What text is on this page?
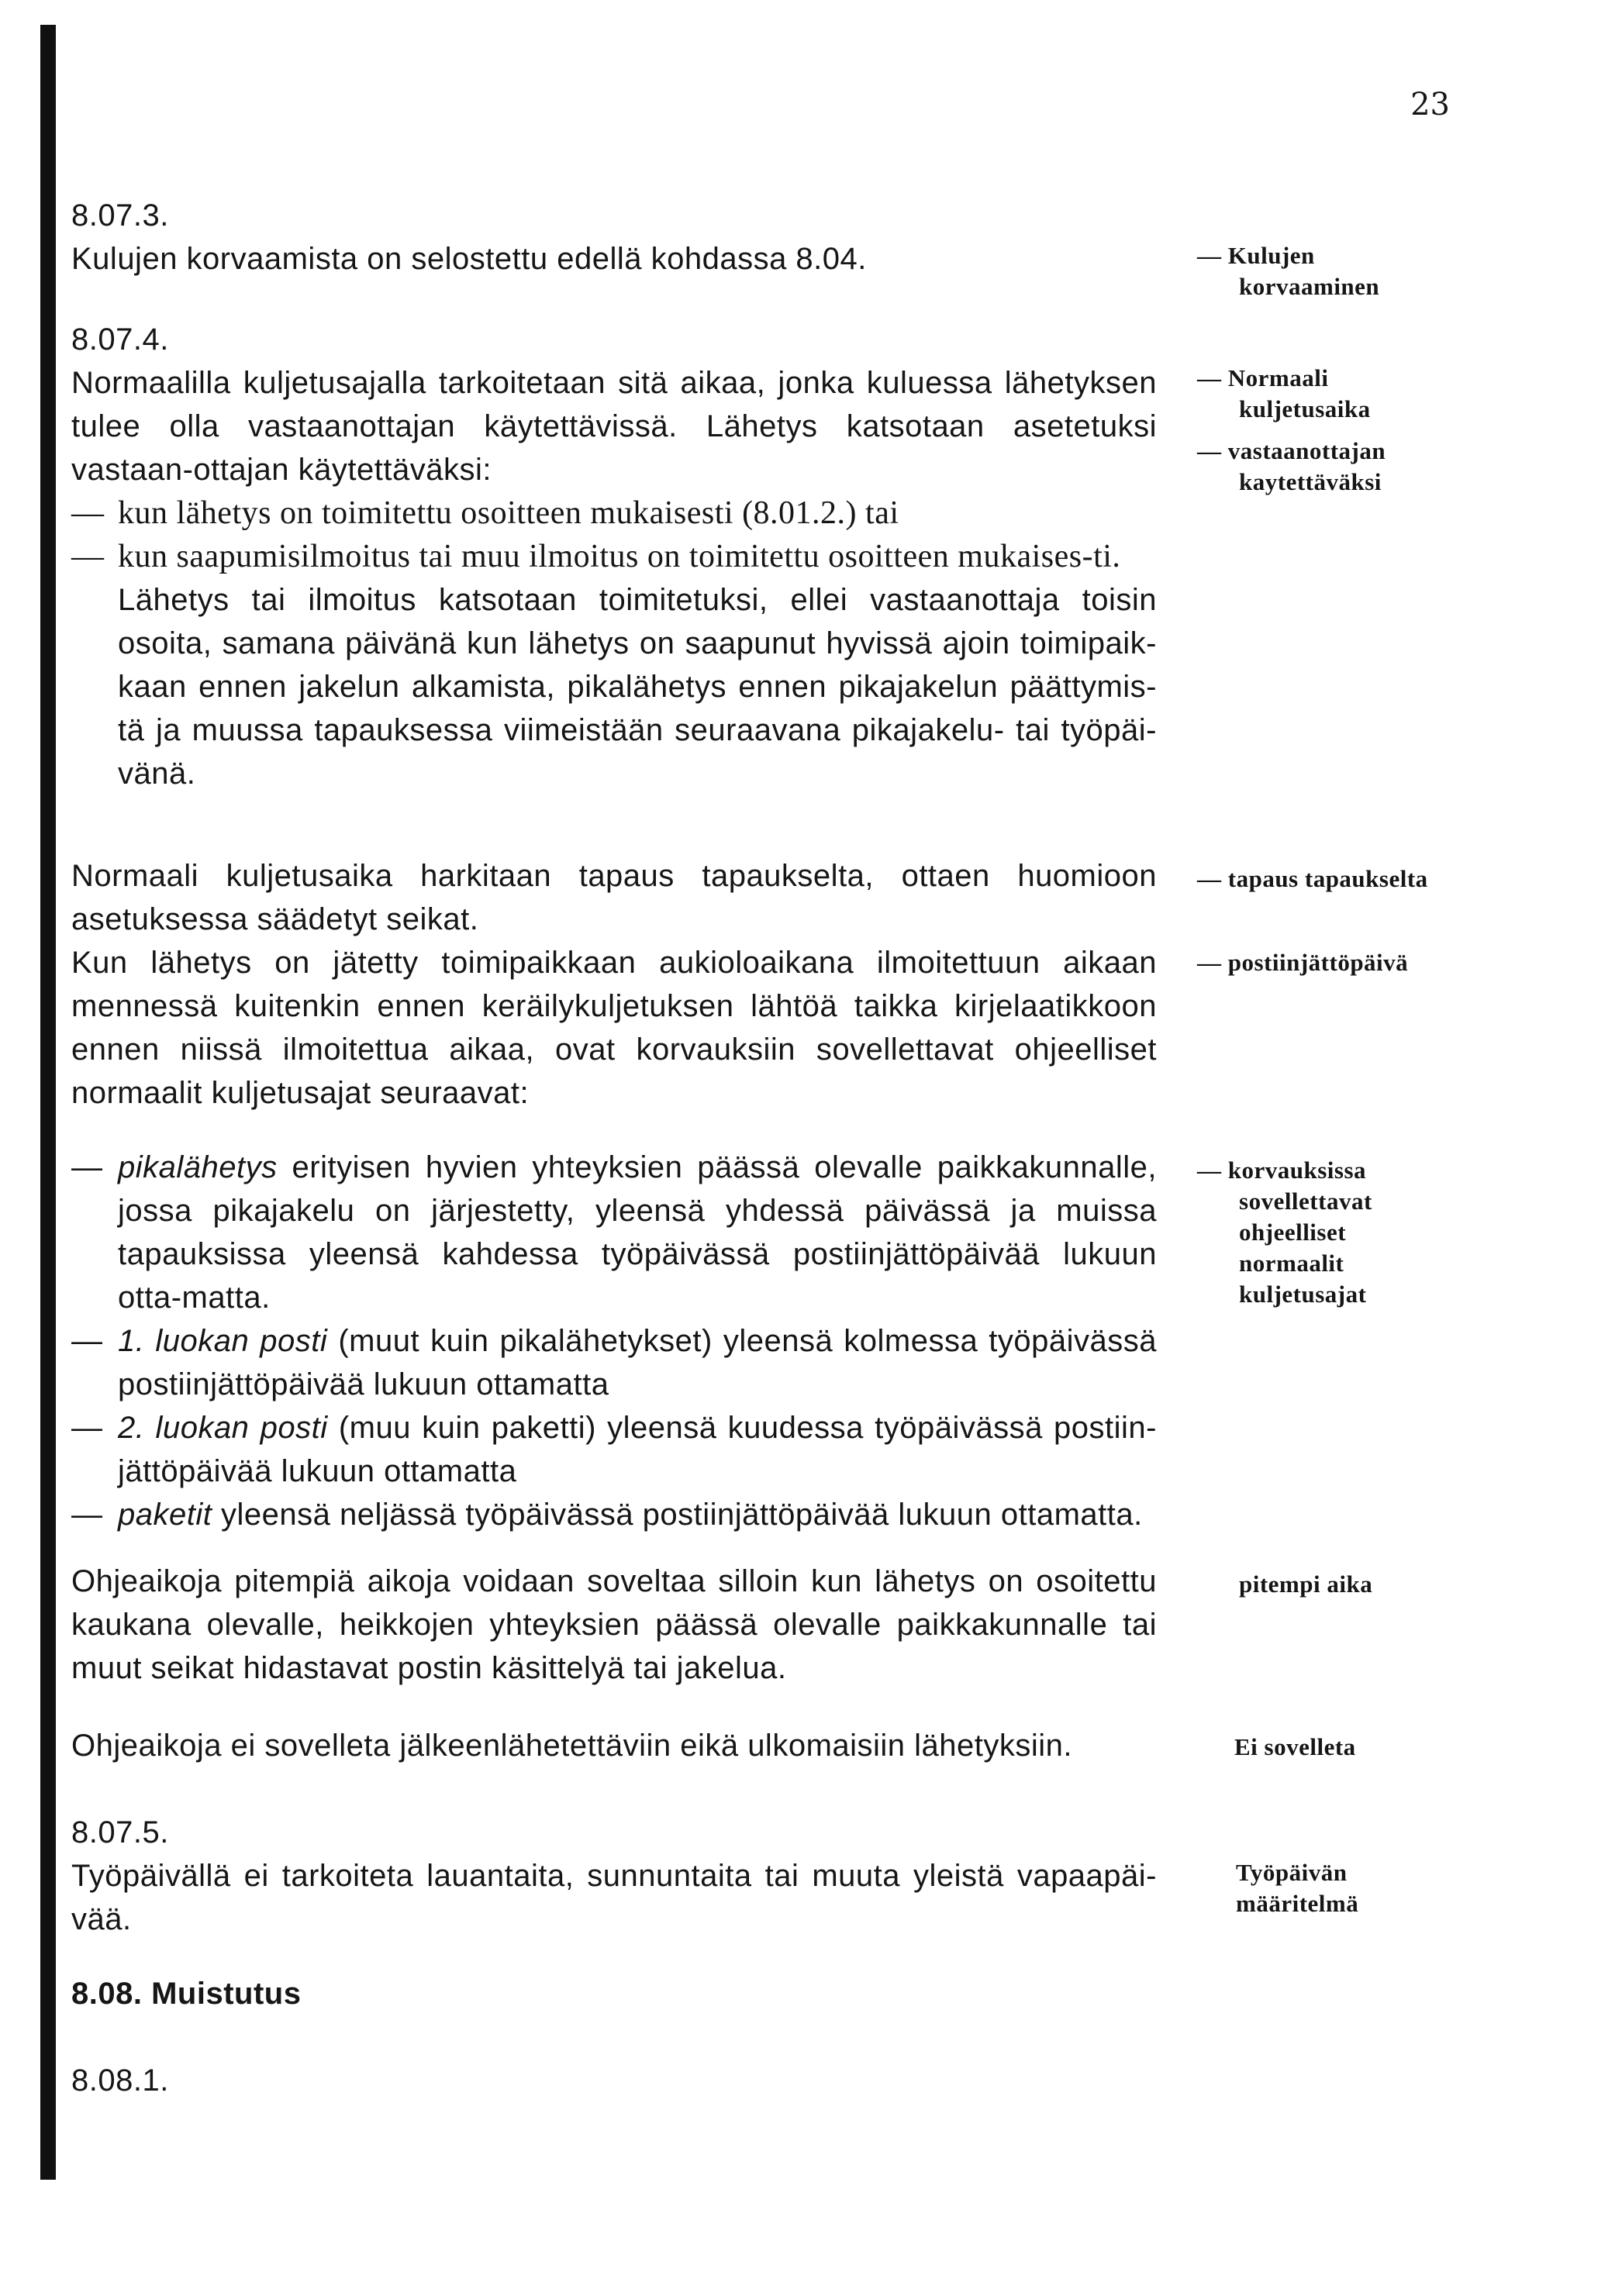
23

8.07.3.

Kulujen korvaamista on selostettu edellä kohdassa 8.04.

8.07.4.

Normaalilla kuljetusajalla tarkoitetaan sitä aikaa, jonka kuluessa lähetyksen tulee olla vastaanottajan käytettävissä. Lähetys katsotaan asetetuksi vastaan-ottajan käytettäväksi:

— kun lähetys on toimitettu osoitteen mukaisesti (8.01.2.) tai

— kun saapumisilmoitus tai muu ilmoitus on toimitettu osoitteen mukaises-ti.

Lähetys tai ilmoitus katsotaan toimitetuksi, ellei vastaanottaja toisin osoita, samana päivänä kun lähetys on saapunut hyvissä ajoin toimipaik-kaan ennen jakelun alkamista, pikalähetys ennen pikajakelun päättymis-tä ja muussa tapauksessa viimeistään seuraavana pikajakelu- tai työpäi-vänä.

Normaali kuljetusaika harkitaan tapaus tapaukselta, ottaen huomioon asetuksessa säädetyt seikat.

Kun lähetys on jätetty toimipaikkaan aukioloaikana ilmoitettuun aikaan mennessä kuitenkin ennen keräilykuljetuksen lähtöä taikka kirjelaatikkoon ennen niissä ilmoitettua aikaa, ovat korvauksiin sovellettavat ohjeelliset normaalit kuljetusajat seuraavat:

— pikalähetys erityisen hyvien yhteyksien päässä olevalle paikkakunnalle, jossa pikajakelu on järjestetty, yleensä yhdessä päivässä ja muissa tapauksissa yleensä kahdessa työpäivässä postiinjättöpäivää lukuun otta-matta.

— 1. luokan posti (muut kuin pikalähetykset) yleensä kolmessa työpäivässä postiinjättöpäivää lukuun ottamatta

— 2. luokan posti (muu kuin paketti) yleensä kuudessa työpäivässä postiin-jättöpäivää lukuun ottamatta

— paketit yleensä neljässä työpäivässä postiinjättöpäivää lukuun ottamatta.

Ohjeaikoja pitempiä aikoja voidaan soveltaa silloin kun lähetys on osoitettu kaukana olevalle, heikkojen yhteyksien päässä olevalle paikkakunnalle tai muut seikat hidastavat postin käsittelyä tai jakelua.

Ohjeaikoja ei sovelleta jälkeenlähetettäviin eikä ulkomaisiin lähetyksiin.

8.07.5.

Työpäivällä ei tarkoiteta lauantaita, sunnuntaita tai muuta yleistä vapaapäi-vää.

8.08. Muistutus

8.08.1.

— Kulujen
korvaaminen
— Normaali
kuljetusaika
— vastaanottajan
kaytettäväksi
— tapaus tapaukselta
— postiinjättöpäivä
— korvauksissa
sovellettavat
ohjeelliset
normaalit
kuljetusajat
pitempi aika
Ei sovelleta
Työpäivän
määritelmä
